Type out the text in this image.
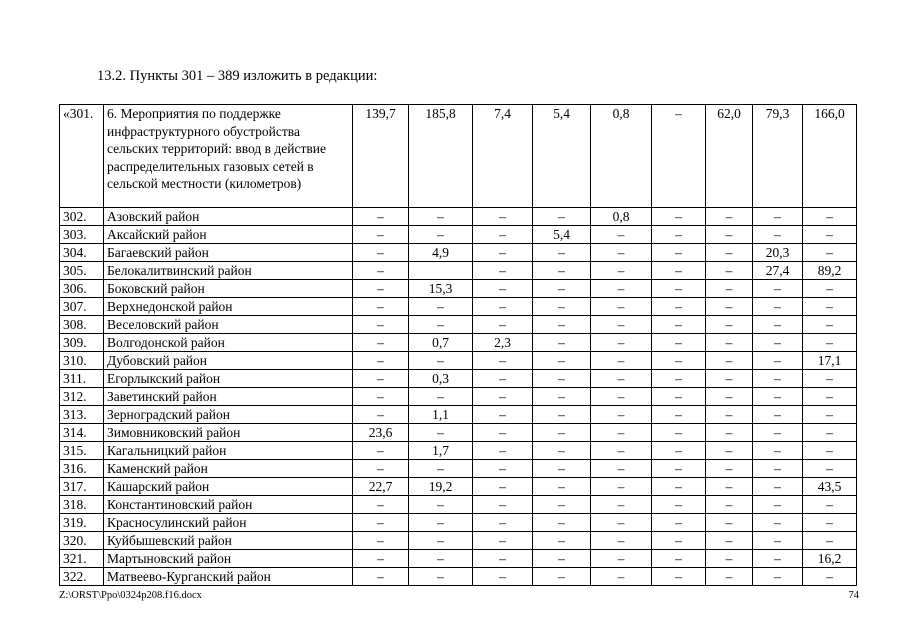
13.2. Пункты 301 – 389 изложить в редакции:
«301.	6. Мероприятия по поддержке инфраструктурного обустройства сельских территорий: ввод в действие распределительных газовых сетей в сельской местности (километров)	139,7	185,8	7,4	5,4	0,8	–	62,0	79,3	166,0
302.	Азовский район	–	–	–	–	0,8	–	–	–	–
303.	Аксайский район	–	–	–	5,4	–	–	–	–	–
304.	Багаевский район	–	4,9	–	–	–	–	–	20,3	–
305.	Белокалитвинский район	–		–	–	–	–	–	27,4	89,2
306.	Боковский район	–	15,3	–	–	–	–	–	–	–
307.	Верхнедонской район	–	–	–	–	–	–	–	–	–
308.	Веселовский район	–	–	–	–	–	–	–	–	–
309.	Волгодонской район	–	0,7	2,3	–	–	–	–	–	–
310.	Дубовский район	–	–	–	–	–	–	–	–	17,1
311.	Егорлыкский район	–	0,3	–	–	–	–	–	–	–
312.	Заветинский район	–	–	–	–	–	–	–	–	–
313.	Зерноградский район	–	1,1	–	–	–	–	–	–	–
314.	Зимовниковский район	23,6	–	–	–	–	–	–	–	–
315.	Кагальницкий район	–	1,7	–	–	–	–	–	–	–
316.	Каменский район	–	–	–	–	–	–	–	–	–
317.	Кашарский район	22,7	19,2	–	–	–	–	–	–	43,5
318.	Константиновский район	–	–	–	–	–	–	–	–	–
319.	Красносулинский район	–	–	–	–	–	–	–	–	–
320.	Куйбышевский район	–	–	–	–	–	–	–	–	–
321.	Мартыновский район	–	–	–	–	–	–	–	–	16,2
322.	Матвеево-Курганский район	–	–	–	–	–	–	–	–	–
Z:\ORST\Ppo\0324p208.f16.docx	74
